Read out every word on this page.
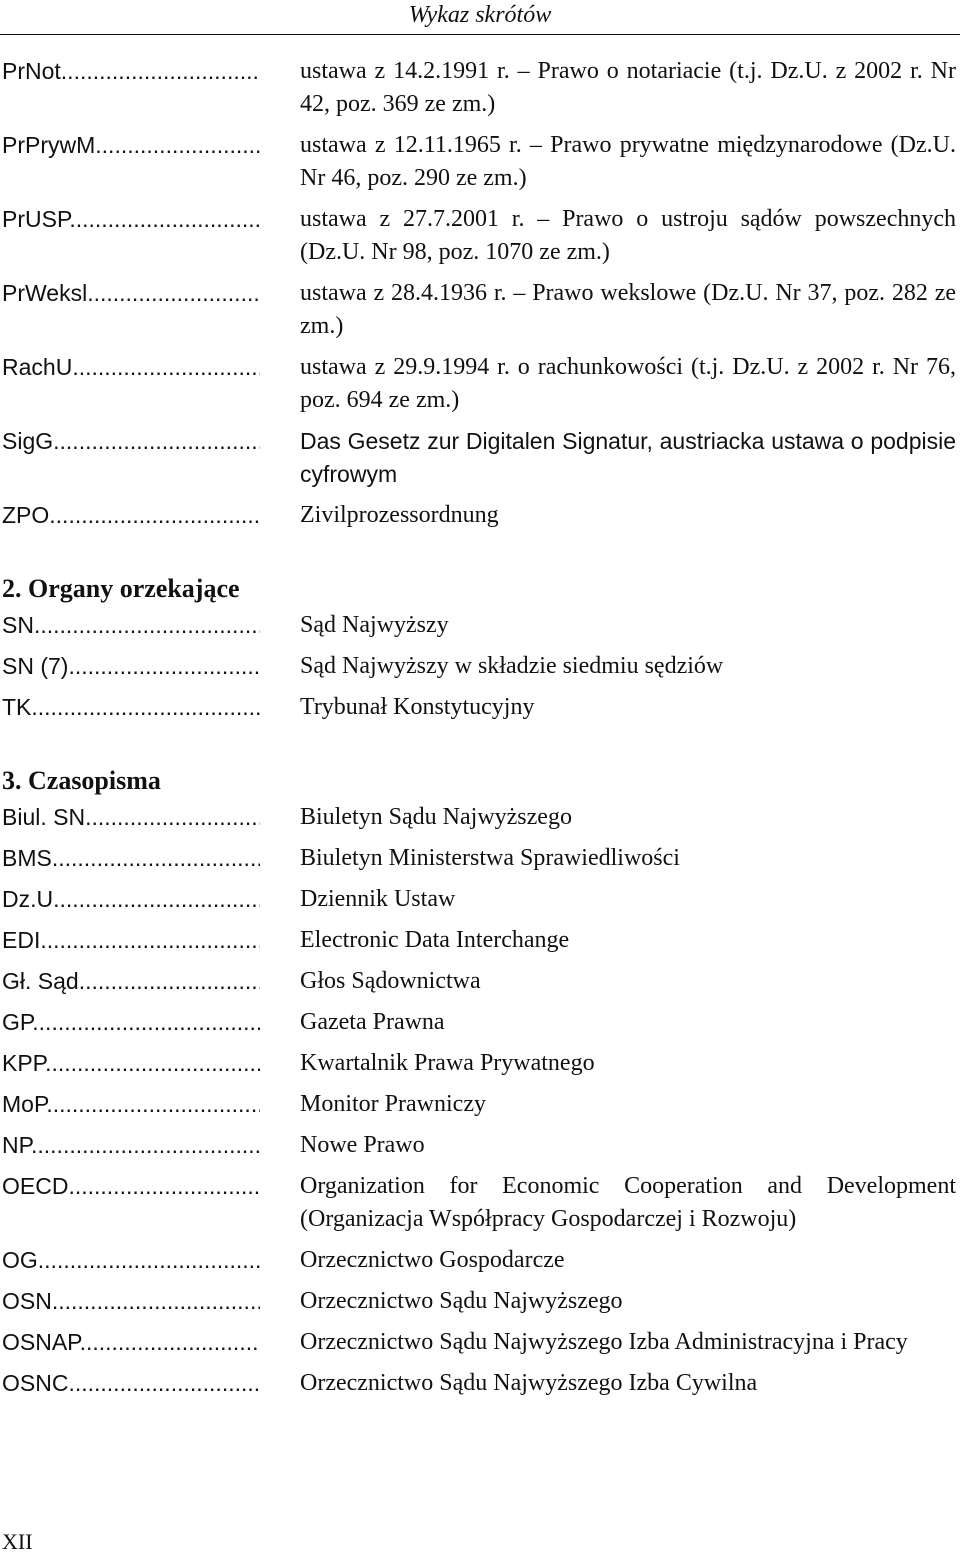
Wykaz skrótów
PrNot .....	ustawa z 14.2.1991 r. – Prawo o notariacie (t.j. Dz.U. z 2002 r. Nr 42, poz. 369 ze zm.)
PrPrywM .....	ustawa z 12.11.1965 r. – Prawo prywatne międzynarodowe (Dz.U. Nr 46, poz. 290 ze zm.)
PrUSP .....	ustawa z 27.7.2001 r. – Prawo o ustroju sądów powszechnych (Dz.U. Nr 98, poz. 1070 ze zm.)
PrWeksl .....	ustawa z 28.4.1936 r. – Prawo wekslowe (Dz.U. Nr 37, poz. 282 ze zm.)
RachU .....	ustawa z 29.9.1994 r. o rachunkowości (t.j. Dz.U. z 2002 r. Nr 76, poz. 694 ze zm.)
SigG .....	Das Gesetz zur Digitalen Signatur, austriacka ustawa o podpisie cyfrowym
ZPO .....	Zivilprozessordnung
2. Organy orzekające
SN .....	Sąd Najwyższy
SN (7) .....	Sąd Najwyższy w składzie siedmiu sędziów
TK .....	Trybunał Konstytucyjny
3. Czasopisma
Biul. SN .....	Biuletyn Sądu Najwyższego
BMS .....	Biuletyn Ministerstwa Sprawiedliwości
Dz.U. .....	Dziennik Ustaw
EDI .....	Electronic Data Interchange
Gł. Sąd. .....	Głos Sądownictwa
GP .....	Gazeta Prawna
KPP .....	Kwartalnik Prawa Prywatnego
MoP .....	Monitor Prawniczy
NP .....	Nowe Prawo
OECD .....	Organization for Economic Cooperation and Development (Organizacja Współpracy Gospodarczej i Rozwoju)
OG .....	Orzecznictwo Gospodarcze
OSN .....	Orzecznictwo Sądu Najwyższego
OSNAP .....	Orzecznictwo Sądu Najwyższego Izba Administracyjna i Pracy
OSNC .....	Orzecznictwo Sądu Najwyższego Izba Cywilna
XII
